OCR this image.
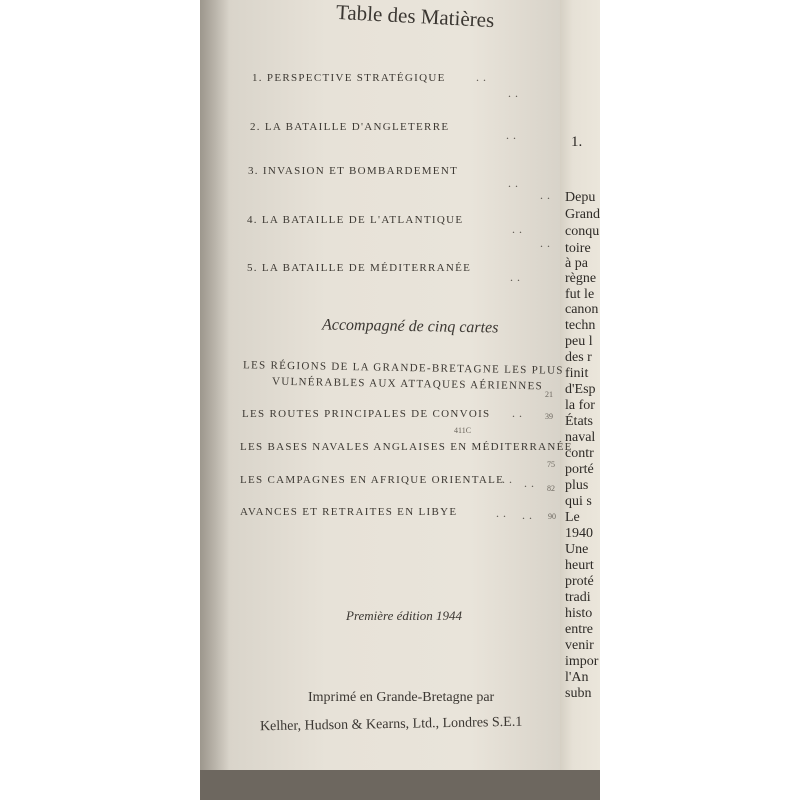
1.
Depu
Grand
conqu
toire
à pa
règne
fut le
canon
techn
peu l
des r
finit
d'Esp
la for
États
naval
contr
porté
plus
qui s
Le
1940
Une
heurt
proté
tradi
histo
entre
venir
impor
l'An
subn
Table des Matières
1. PERSPECTIVE STRATÉGIQUE	..
..
2. LA BATAILLE D'ANGLETERRE
..
3. INVASION ET BOMBARDEMENT
..
..
4. LA BATAILLE DE L'ATLANTIQUE
..
..
5. LA BATAILLE DE MÉDITERRANÉE
..
Accompagné de cinq cartes
LES RÉGIONS DE LA GRANDE-BRETAGNE LES PLUS
VULNÉRABLES AUX ATTAQUES AÉRIENNES
21
LES ROUTES PRINCIPALES DE CONVOIS .. 39
411C
LES BASES NAVALES ANGLAISES EN MÉDITERRANÉE
75
LES CAMPAGNES EN AFRIQUE ORIENTALE
.. .. 82
AVANCES ET RETRAITES EN LIBYE	.. .. 90
Première édition 1944
Imprimé en Grande-Bretagne par
Kelher, Hudson & Kearns, Ltd., Londres S.E.1
